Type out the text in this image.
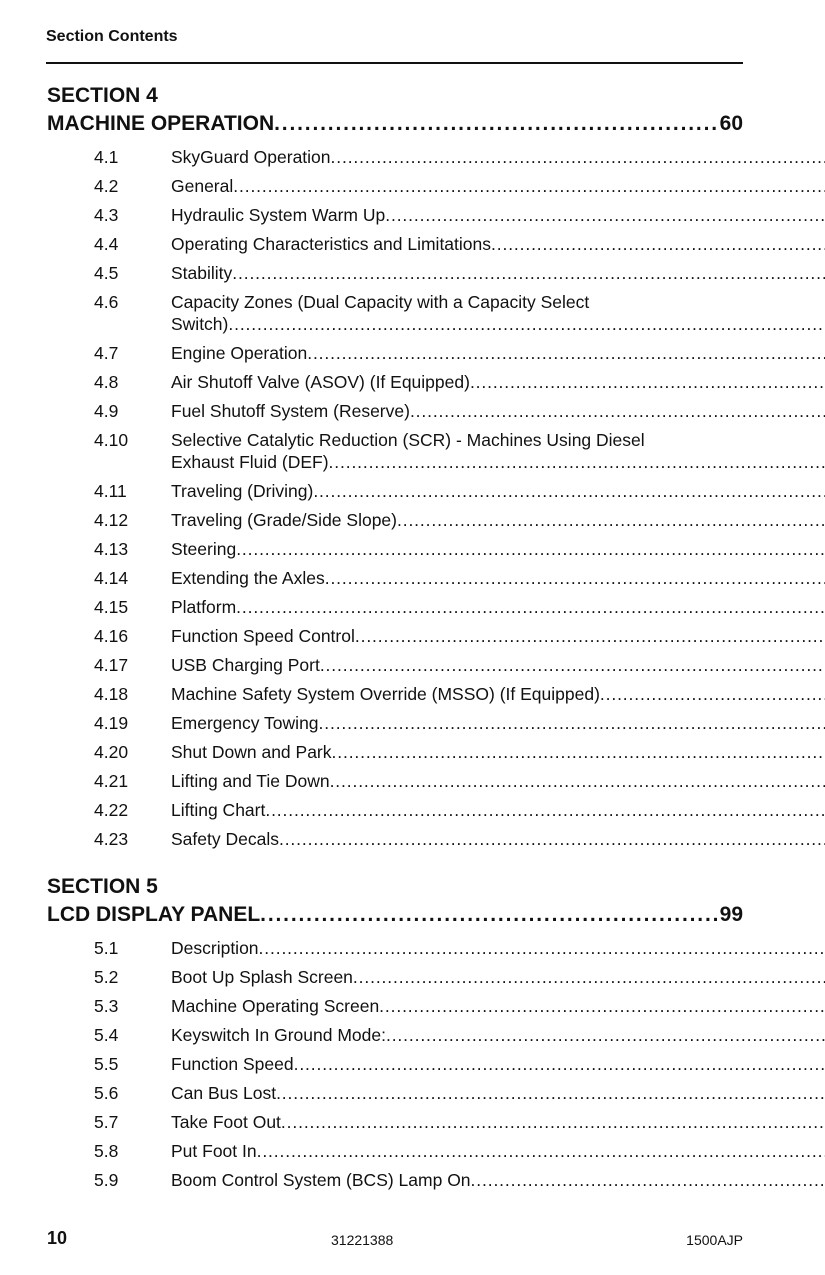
Section Contents
SECTION 4
MACHINE OPERATION . . .	60
4.1	SkyGuard Operation
. . .
4.2	General
. . .
4.3	Hydraulic System Warm Up
. . .
4.4	Operating Characteristics and Limitations
. . .
4.5	Stability
. . .
4.6	Capacity Zones (Dual Capacity with a Capacity Select
Switch)
. . .
4.7	Engine Operation
. . .
4.8	Air Shutoff Valve (ASOV) (If Equipped)
. . .
4.9	Fuel Shutoff System (Reserve)
. . .
4.10	Selective Catalytic Reduction (SCR) - Machines Using Diesel
Exhaust Fluid (DEF)
. . .
4.11	Traveling (Driving)
. . .
4.12	Traveling (Grade/Side Slope)
. . .
4.13	Steering
. . .
4.14	Extending the Axles
. . .
4.15	Platform
. . .
4.16	Function Speed Control
. . .
4.17	USB Charging Port
. . .
4.18	Machine Safety System Override (MSSO) (If Equipped)
. . .
4.19	Emergency Towing
. . .
4.20	Shut Down and Park
. . .
4.21	Lifting and Tie Down
. . .
4.22	Lifting Chart
. . .
4.23	Safety Decals
. . .
SECTION 5
LCD DISPLAY PANEL . . .	99
5.1	Description
. . .
5.2	Boot Up Splash Screen
. . .
5.3	Machine Operating Screen
. . .
5.4	Keyswitch In Ground Mode:
. . .
5.5	Function Speed
. . .
5.6	Can Bus Lost
. . .
5.7	Take Foot Out
. . .
5.8	Put Foot In
. . .
5.9	Boom Control System (BCS) Lamp On
. . .
10	31221388	1500AJP
